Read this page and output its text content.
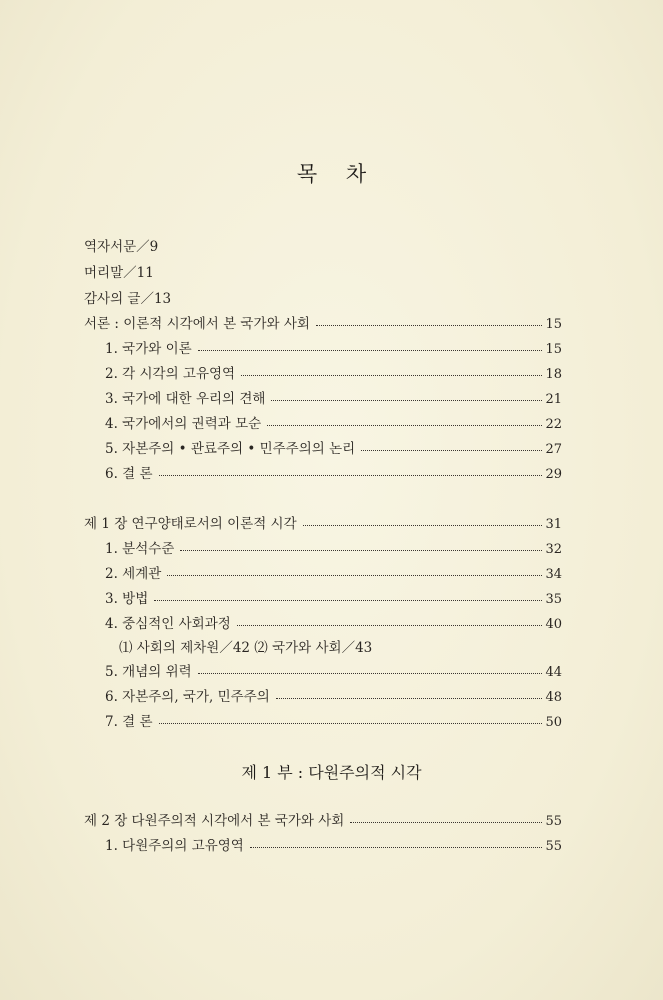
목 차
역자서문／9
머리말／11
감사의 글／13
서론 : 이론적 시각에서 본 국가와 사회	15
1. 국가와 이론	15
2. 각 시각의 고유영역	18
3. 국가에 대한 우리의 견해	21
4. 국가에서의 권력과 모순	22
5. 자본주의 • 관료주의 • 민주주의의 논리	27
6. 결 론	29
제 1 장 연구양태로서의 이론적 시각	31
1. 분석수준	32
2. 세계관	34
3. 방법	35
4. 중심적인 사회과정	40
⑴ 사회의 제차원／42 ⑵ 국가와 사회／43
5. 개념의 위력	44
6. 자본주의, 국가, 민주주의	48
7. 결 론	50
제 1 부 : 다원주의적 시각
제 2 장 다원주의적 시각에서 본 국가와 사회	55
1. 다원주의의 고유영역	55
